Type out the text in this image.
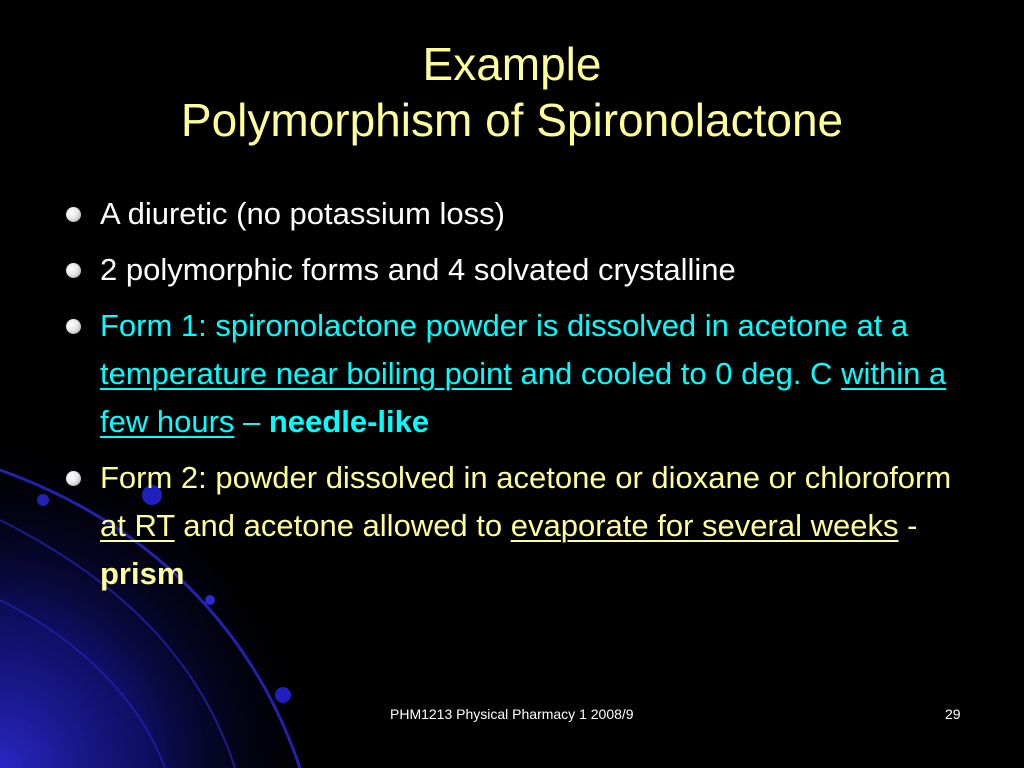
Example
Polymorphism of Spironolactone
A diuretic (no potassium loss)
2 polymorphic forms and 4 solvated crystalline
Form 1: spironolactone powder is dissolved in acetone at a temperature near boiling point and cooled to 0 deg. C within a few hours – needle-like
Form 2: powder dissolved in acetone or dioxane or chloroform at RT and acetone allowed to evaporate for several weeks - prism
PHM1213 Physical Pharmacy 1 2008/9	29
